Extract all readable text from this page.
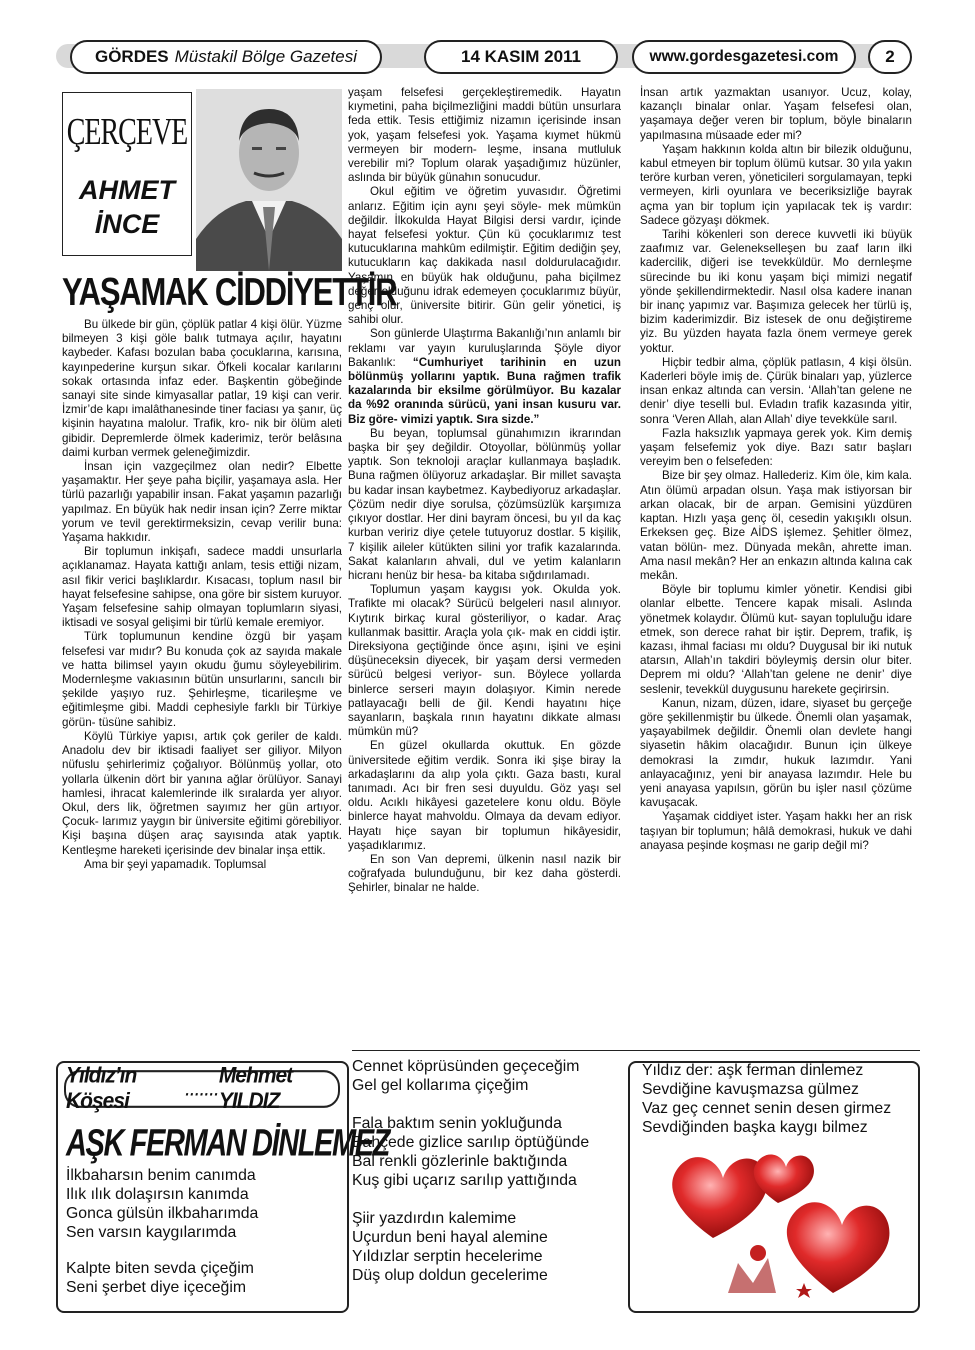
GÖRDES Müstakil Bölge Gazetesi	14 KASIM 2011	www.gordesgazetesi.com	2
ÇERÇEVE
AHMET
İNCE
YAŞAMAK CİDDİYETTİR

Bu ülkede bir gün, çöplük patlar 4 kişi ölür. Yüzme bilmeyen 3 kişi göle balık tutmaya açılır, hayatını kaybeder. Kafası bozulan baba çocuklarına, karısına, kayınpederine kurşun sıkar. Öfkeli kocalar karılarını sokak ortasında infaz eder. Başkentin göbeğinde sanayi site sinde kimyasallar patlar, 19 kişi can verir. İzmir’de kapı imalâthanesinde tiner faciası ya şanır, üç kişinin hayatına malolur. Trafik, kro- nik bir ölüm aleti gibidir. Depremlerde ölmek kaderimiz, terör belâsına daimi kurban vermek geleneğimizdir.

İnsan için vazgeçilmez olan nedir? Elbette yaşamaktır. Her şeye paha biçilir, yaşamaya asla. Her türlü pazarlığı yapabilir insan. Fakat yaşamın pazarlığı yapılmaz. En büyük hak nedir insan için? Zerre miktar yorum ve tevil gerektirmeksizin, cevap verilir buna: Yaşama hakkıdır.

Bir toplumun inkişafı, sadece maddi unsurlarla açıklanamaz. Hayata kattığı anlam, tesis ettiği nizam, asıl fikir verici başlıklardır. Kısacası, toplum nasıl bir hayat felsefesine sahipse, ona göre bir sistem kuruyor. Yaşam felsefesine sahip olmayan toplumların siyasi, iktisadi ve sosyal gelişimi bir türlü kemale eremiyor.

Türk toplumunun kendine özgü bir yaşam felsefesi var mıdır? Bu konuda çok az sayıda makale ve hatta bilimsel yayın okudu ğumu söyleyebilirim. Modernleşme vakıasının bütün unsurlarını, sancılı bir şekilde yaşıyo ruz. Şehirleşme, ticarileşme ve eğitimleşme gibi. Maddi cephesiyle farklı bir Türkiye görün- tüsüne sahibiz.

Köylü Türkiye yapısı, artık çok geriler de kaldı. Anadolu dev bir iktisadi faaliyet ser giliyor. Milyon nüfuslu şehirlerimiz çoğalıyor. Bölünmüş yollar, oto yollarla ülkenin dört bir yanına ağlar örülüyor. Sanayi hamlesi, ihracat kalemlerinde ilk sıralarda yer alıyor. Okul, ders lik, öğretmen sayımız her gün artıyor. Çocuk- larımız yaygın bir üniversite eğitimi görebiliyor. Kişi başına düşen araç sayısında atak yaptık. Kentleşme hareketi içerisinde dev binalar inşa ettik.

Ama bir şeyi yapamadık. Toplumsal

yaşam felsefesi gerçekleştiremedik. Hayatın kıymetini, paha biçilmezliğini maddi bütün unsurlara feda ettik. Tesis ettiğimiz nizamın içerisinde insan yok, yaşam felsefesi yok. Yaşama kıymet hükmü vermeyen bir modern- leşme, insana mutluluk verebilir mi? Toplum olarak yaşadığımız hüzünler, aslında bir büyük günahın sonucudur.

Okul eğitim ve öğretim yuvasıdır. Öğretimi anlarız. Eğitim için aynı şeyi söyle- mek mümkün değildir. İlkokulda Hayat Bilgisi dersi vardır, içinde hayat felsefesi yoktur. Çün kü çocuklarımız test kutucuklarına mahkûm edilmiştir. Eğitim dediğin şey, kutucukların kaç dakikada nasıl doldurulacağıdır. Yaşamın en büyük hak olduğunu, paha biçilmez değer olduğunu idrak edemeyen çocuklarımız büyür, genç olur, üniversite bitirir. Gün gelir yönetici, iş sahibi olur.

Son günlerde Ulaştırma Bakanlığı’nın anlamlı bir reklamı var yayın kuruluşlarında Şöyle diyor Bakanlık: “Cumhuriyet tarihinin en uzun bölünmüş yollarını yaptık. Buna rağmen trafik kazalarında bir eksilme görülmüyor. Bu kazalar da %92 oranında sürücü, yani insan kusuru var. Biz göre- vimizi yaptık. Sıra sizde.”

Bu beyan, toplumsal günahımızın ikrarından başka bir şey değildir. Otoyollar, bölünmüş yollar yaptık. Son teknoloji araçlar kullanmaya başladık. Buna rağmen ölüyoruz arkadaşlar. Bir millet savaşta bu kadar insan kaybetmez. Kaybediyoruz arkadaşlar. Çözüm nedir diye sorulsa, çözümsüzlük karşımıza çıkıyor dostlar. Her dini bayram öncesi, bu yıl da kaç kurban veririz diye çetele tutuyoruz dostlar. 5 kişilik, 7 kişilik aileler kütükten silini yor trafik kazalarında. Sakat kalanların ahvali, dul ve yetim kalanların hicranı henüz bir hesa- ba kitaba sığdırılamadı.

Toplumun yaşam kaygısı yok. Okulda yok. Trafikte mi olacak? Sürücü belgeleri nasıl alınıyor. Kıytırık birkaç kural gösteriliyor, o kadar. Araç kullanmak basittir. Araçla yola çık- mak en ciddi iştir. Direksiyona geçtiğinde önce aşını, işini ve eşini düşüneceksin diyecek, bir yaşam dersi vermeden sürücü belgesi veriyor- sun. Böylece yollarda binlerce serseri mayın dolaşıyor. Kimin nerede patlayacağı belli de ğil. Kendi hayatını hiçe sayanların, başkala rının hayatını dikkate alması mümkün mü?

En güzel okullarda okuttuk. En gözde üniversitede eğitim verdik. Sonra iki şişe biray la arkadaşlarını da alıp yola çıktı. Gaza bastı, kural tanımadı. Acı bir fren sesi duyuldu. Göz yaşı sel oldu. Acıklı hikâyesi gazetelere konu oldu. Böyle binlerce hayat mahvoldu. Olmaya da devam ediyor. Hayatı hiçe sayan bir toplumun hikâyesidir, yaşadıklarımız.

En son Van depremi, ülkenin nasıl nazik bir coğrafyada bulunduğunu, bir kez daha gösterdi. Şehirler, binalar ne halde.

İnsan artık yazmaktan usanıyor. Ucuz, kolay, kazançlı binalar onlar. Yaşam felsefesi olan, yaşamaya değer veren bir toplum, böyle binaların yapılmasına müsaade eder mi?

Yaşam hakkının kolda altın bir bilezik olduğunu, kabul etmeyen bir toplum ölümü kutsar. 30 yıla yakın teröre kurban veren, yöneticileri sorgulamayan, tepki vermeyen, kirli oyunlara ve beceriksizliğe bayrak açma yan bir toplum için yapılacak tek iş vardır: Sadece gözyaşı dökmek.

Tarihi kökenleri son derece kuvvetli iki büyük zaafımız var. Gelenekselleşen bu zaaf ların ilki kadercilik, diğeri ise tevekküldür. Mo dernleşme sürecinde bu iki konu yaşam biçi mimizi negatif yönde şekillendirmektedir. Nasıl olsa kadere inanan bir inanç yapımız var. Başımıza gelecek her türlü iş, bizim kaderimizdir. Biz istesek de onu değiştireme yiz. Bu yüzden hayata fazla önem vermeye gerek yoktur.

Hiçbir tedbir alma, çöplük patlasın, 4 kişi ölsün. Kaderleri böyle imiş de. Çürük binaları yap, yüzlerce insan enkaz altında can versin. ‘Allah’tan gelene ne denir’ diye teselli bul. Evladın trafik kazasında yitir, sonra ‘Veren Allah, alan Allah’ diye tevekküle sarıl.

Fazla haksızlık yapmaya gerek yok. Kim demiş yaşam felsefemiz yok diye. Bazı satır başları vereyim ben o felsefeden:

Bize bir şey olmaz. Hallederiz. Kim öle, kim kala. Atın ölümü arpadan olsun. Yaşa mak istiyorsan bir arkan olacak, bir de arpan. Gemisini yüzdüren kaptan. Hızlı yaşa genç öl, cesedin yakışıklı olsun. Erkeksen geç. Bize AİDS işlemez. Şehitler ölmez, vatan bölün- mez. Dünyada mekân, ahrette iman. Ama nasıl mekân? Her an enkazın altında kalına cak mekân.

Böyle bir toplumu kimler yönetir. Kendisi gibi olanlar elbette. Tencere kapak misali. Aslında yönetmek kolaydır. Ölümü kut- sayan topluluğu idare etmek, son derece rahat bir iştir. Deprem, trafik, iş kazası, ihmal faciası mı oldu? Duygusal bir iki nutuk atarsın, Allah’ın takdiri böyleymiş dersin olur biter. Deprem mi oldu? ‘Allah’tan gelene ne denir’ diye seslenir, tevekkül duygusunu harekete geçirirsin.

Kanun, nizam, düzen, idare, siyaset bu gerçeğe göre şekillenmiştir bu ülkede. Önemli olan yaşamak, yaşayabilmek değildir. Önemli olan devlete hangi siyasetin hâkim olacağıdır. Bunun için ülkeye demokrasi la zımdır, hukuk lazımdır. Yani anlayacağınız, yeni bir anayasa lazımdır. Hele bu yeni anayasa yapılsın, görün bu işler nasıl çözüme kavuşacak.

Yaşamak ciddiyet ister. Yaşam hakkı her an risk taşıyan bir toplumun; hâlâ demokrasi, hukuk ve dahi anayasa peşinde koşması ne garip değil mi?

Yıldız’ın Köşesi
.......
Mehmet YILDIZ
AŞK FERMAN DİNLEMEZ
İlkbaharsın benim canımda
Ilık ılık dolaşırsın kanımda
Gonca gülsün ilkbaharımda
Sen varsın kaygılarımda
Kalpte biten sevda çiçeğim
Seni şerbet diye içeceğim
Cennet köprüsünden geçeceğim
Gel gel kollarıma çiçeğim
Fala baktım senin yokluğunda
Bahçede gizlice sarılıp öptüğünde
Bal renkli gözlerinle baktığında
Kuş gibi uçarız sarılıp yattığında
Şiir yazdırdın kalemime
Uçurdun beni hayal alemine
Yıldızlar serptin hecelerime
Düş olup doldun gecelerime
Yıldız der: aşk ferman dinlemez
Sevdiğine kavuşmazsa gülmez
Vaz geç cennet senin desen girmez
Sevdiğinden başka kaygı bilmez
